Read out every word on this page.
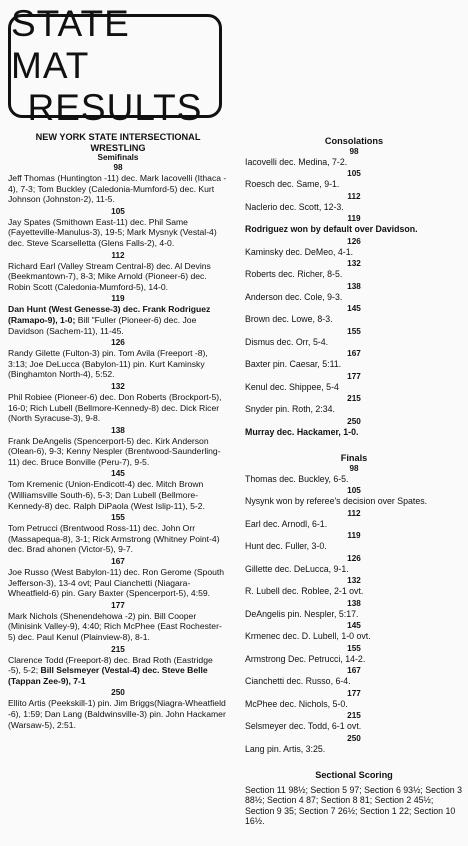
STATE MAT
RESULTS
NEW YORK STATE INTERSECTIONAL WRESTLING
Semifinals
98
Jeff Thomas (Huntington -11) dec. Mark Iacovelli (Ithaca - 4), 7-3; Tom Buckley (Caledonia-Mumford-5) dec. Kurt Johnson (Johnston-2), 11-5.
105
Jay Spates (Smithown East-11) dec. Phil Same (Fayetteville-Manulus-3), 19-5; Mark Mysnyk (Vestal-4) dec. Steve Scarselletta (Glens Falls-2), 4-0.
112
Richard Earl (Valley Stream Central-8) dec. Al Devins (Beekmantown-7), 8-3; Mike Arnold (Pioneer-6) dec. Robin Scott (Caledonia-Mumford-5), 14-0.
119
Dan Hunt (West Genesse-3) dec. Frank Rodriguez (Ramapo-9), 1-0; Bill "Fuller (Pioneer-6) dec. Joe Davidson (Sachem-11), 11-45.
126
Randy Gilette (Fulton-3) pin. Tom Avila (Freeport -8), 3:13; Joe DeLucca (Babylon-11) pin. Kurt Kaminsky (Binghamton North-4), 5:52.
132
Phil Robiee (Pioneer-6) dec. Don Roberts (Brockport-5), 16-0; Rich Lubell (Bellmore-Kennedy-8) dec. Dick Ricer (North Syracuse-3), 9-8.
138
Frank DeAngelis (Spencerport-5) dec. Kirk Anderson (Olean-6), 9-3; Kenny Nespler (Brentwood-Saunderling-11) dec. Bruce Bonville (Peru-7), 9-5.
145
Tom Kremenic (Union-Endicott-4) dec. Mitch Brown (Williamsville South-6), 5-3; Dan Lubell (Bellmore-Kennedy-8) dec. Ralph DiPaola (West Islip-11), 5-2.
155
Tom Petrucci (Brentwood Ross-11) dec. John Orr (Massapequa-8), 3-1; Rick Armstrong (Whitney Point-4) dec. Brad ahonen (Victor-5), 9-7.
167
Joe Russo (West Babylon-11) dec. Ron Gerome (Spouth Jefferson-3), 13-4 ovt; Paul Cianchetti (Niagara-Wheatfield-6) pin. Gary Baxter (Spencerport-5), 4:59.
177
Mark Nichols (Shenendehowa -2) pin. Bill Cooper (Minisink Valley-9), 4:40; Rich McPhee (East Rochester-5) dec. Paul Kenul (Plainview-8), 8-1.
215
Clarence Todd (Freeport-8) dec. Brad Roth (Eastridge -5), 5-2; Bill Selsmeyer (Vestal-4) dec. Steve Belle (Tappan Zee-9), 7-1
250
Ellito Artis (Peekskill-1) pin. Jim Briggs(Niagra-Wheatfield -6), 1:59; Dan Lang (Baldwinsville-3) pin. John Hackamer (Warsaw-5), 2:51.
Consolations
98
Iacovelli dec. Medina, 7-2.
105
Roesch dec. Same, 9-1.
112
Naclerio dec. Scott, 12-3.
119
Rodriguez won by default over Davidson.
126
Kaminsky dec. DeMeo, 4-1.
132
Roberts dec. Richer, 8-5.
138
Anderson dec. Cole, 9-3.
145
Brown dec. Lowe, 8-3.
155
Dismus dec. Orr, 5-4.
167
Baxter pin. Caesar, 5:11.
177
Kenul dec. Shippee, 5-4
215
Snyder pin. Roth, 2:34.
250
Murray dec. Hackamer, 1-0.
Finals
98
Thomas dec. Buckley, 6-5.
105
Nysynk won by referee's decision over Spates.
112
Earl dec. Arnodl, 6-1.
119
Hunt dec. Fuller, 3-0.
126
Gillette dec. DeLucca, 9-1.
132
R. Lubell dec. Roblee, 2-1 ovt.
138
DeAngelis pin. Nespler, 5:17.
145
Krmenec dec. D. Lubell, 1-0 ovt.
155
Armstrong Dec. Petrucci, 14-2.
167
Cianchetti dec. Russo, 6-4.
177
McPhee dec. Nichols, 5-0.
215
Selsmeyer dec. Todd, 6-1 ovt.
250
Lang pin. Artis, 3:25.
Sectional Scoring
Section 11 98½; Section 5 97; Section 6 93½; Section 3 88½; Section 4 87; Section 8 81; Section 2 45½; Section 9 35; Section 7 26½; Section 1 22; Section 10 16½.
